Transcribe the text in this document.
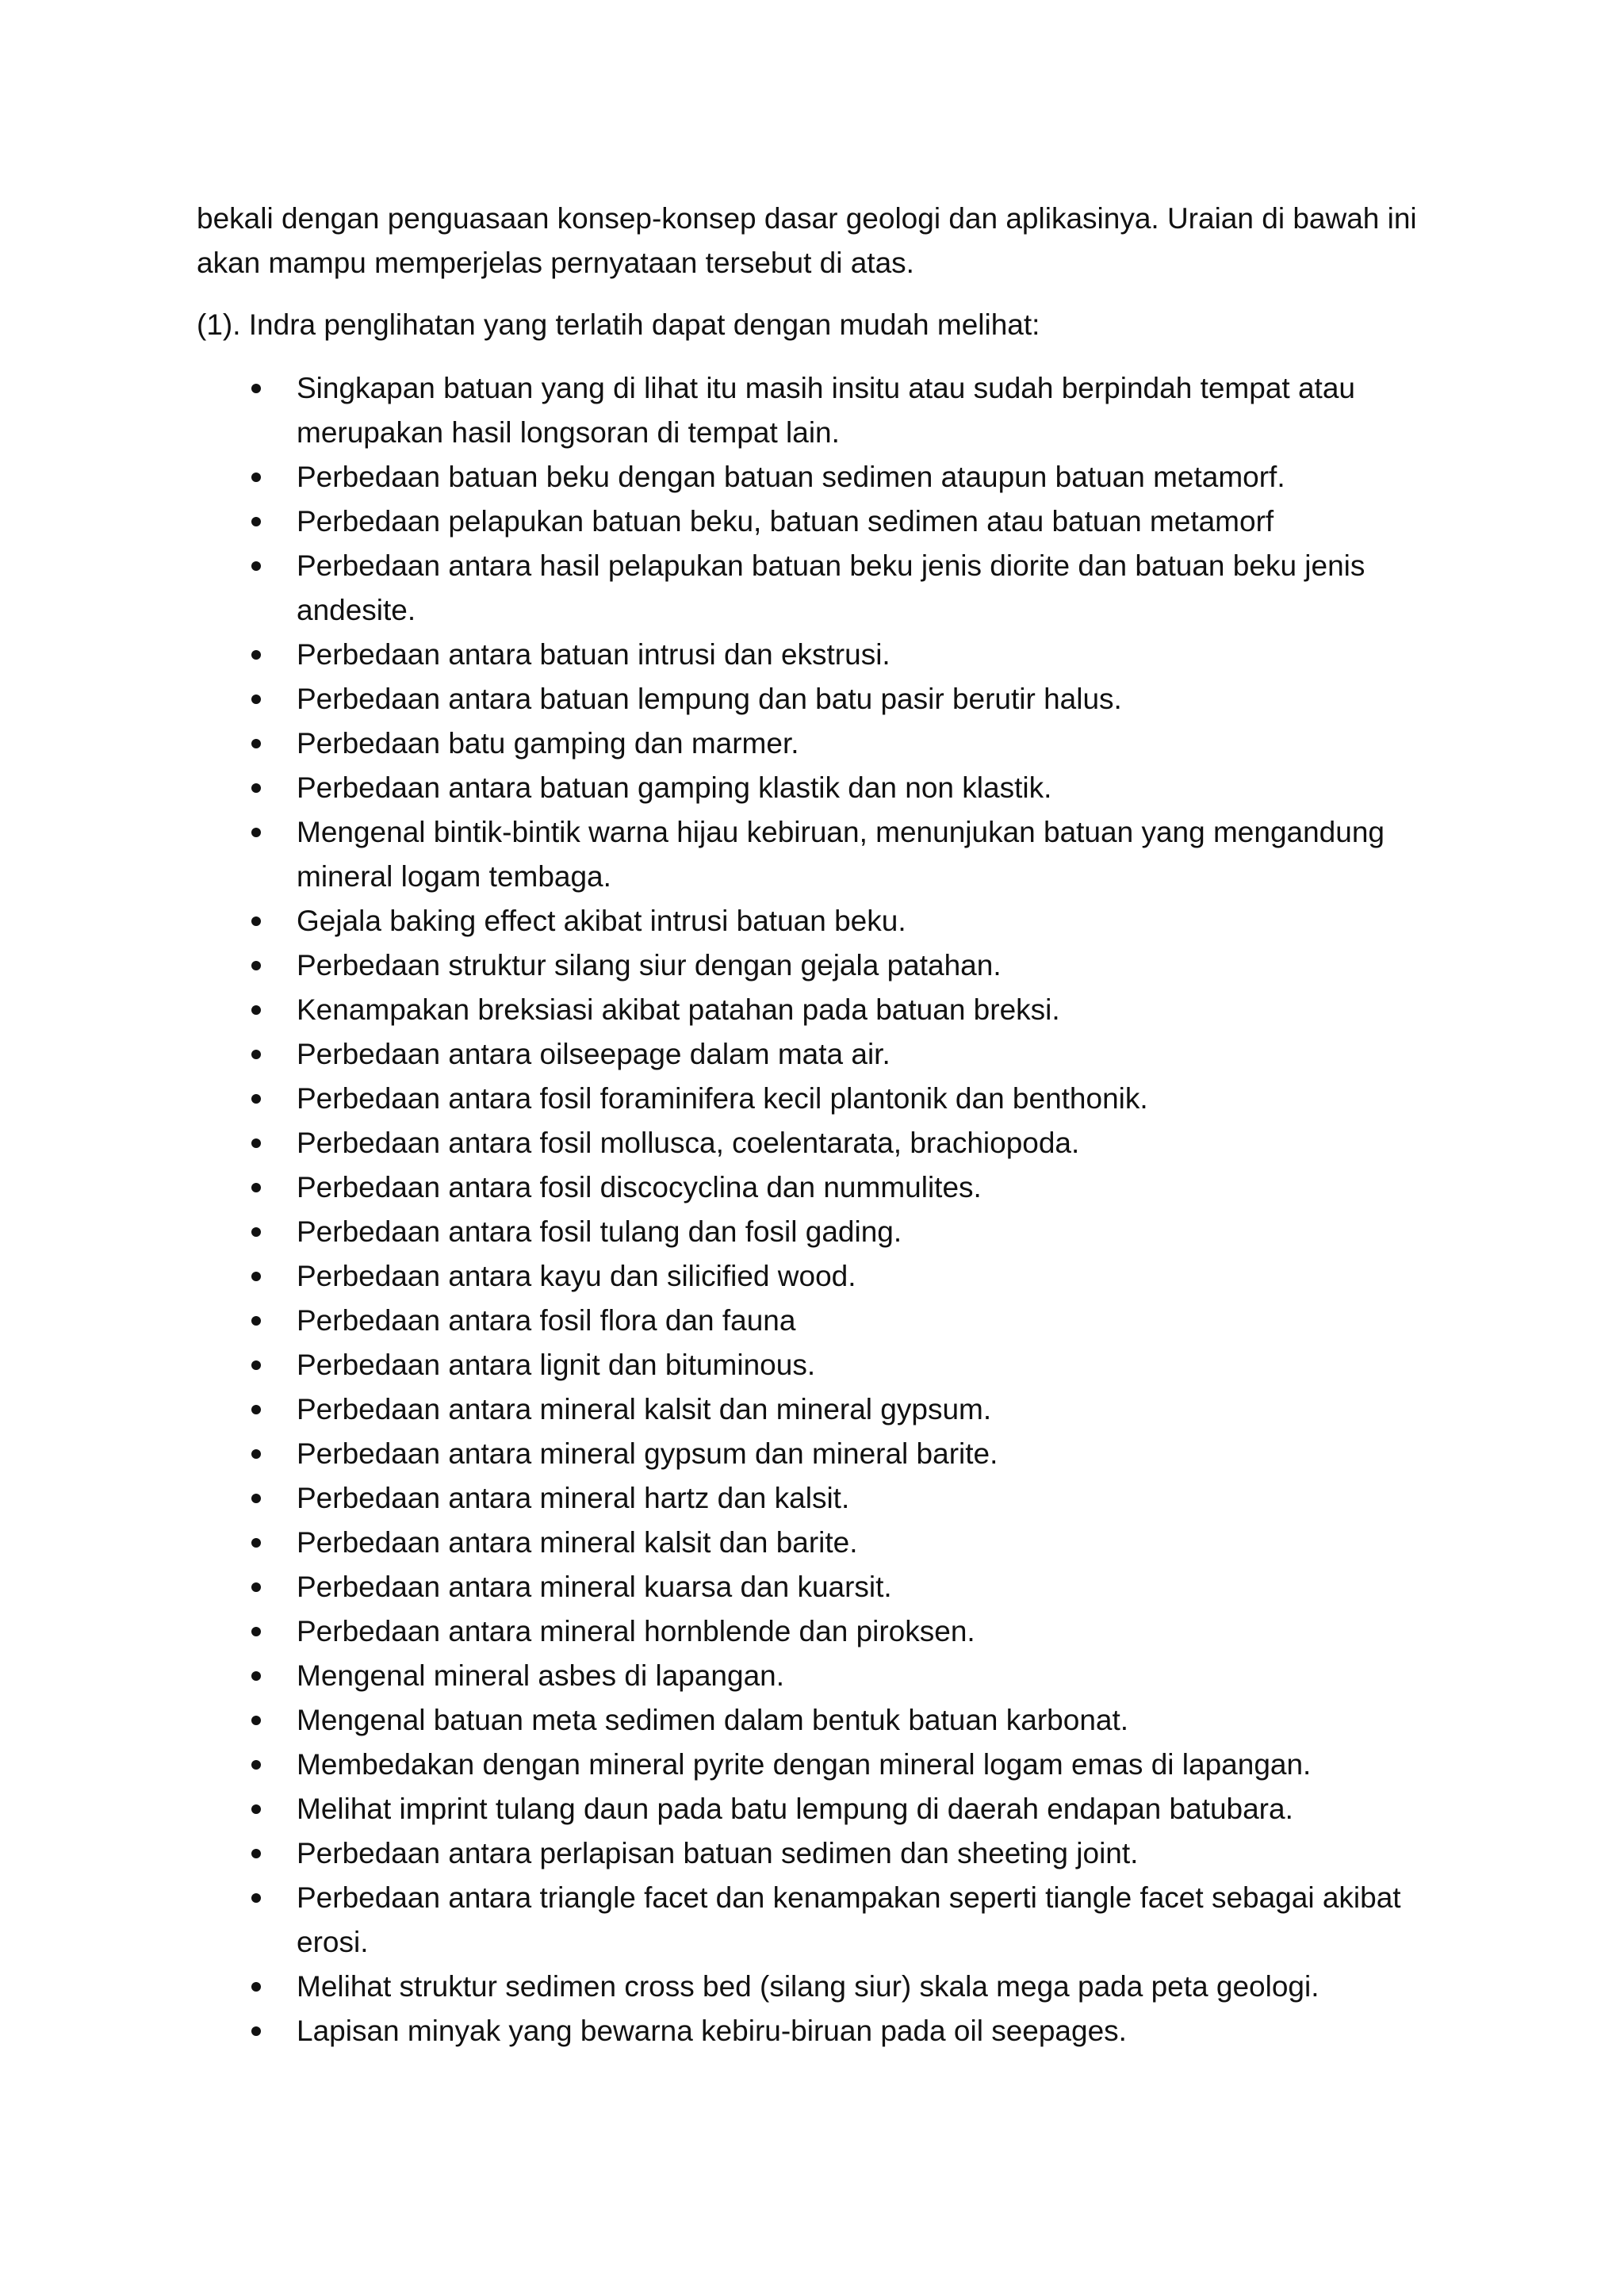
bekali dengan penguasaan konsep-konsep dasar geologi dan aplikasinya. Uraian di bawah ini akan mampu memperjelas pernyataan tersebut di atas.

(1). Indra penglihatan yang terlatih dapat dengan mudah melihat:

Singkapan batuan yang di lihat itu masih insitu atau sudah berpindah tempat atau merupakan hasil longsoran di tempat lain.
Perbedaan batuan beku dengan batuan sedimen ataupun batuan metamorf.
Perbedaan pelapukan batuan beku, batuan sedimen atau batuan metamorf
Perbedaan antara hasil pelapukan batuan beku jenis diorite dan batuan beku jenis andesite.
Perbedaan antara batuan intrusi dan ekstrusi.
Perbedaan antara batuan lempung dan batu pasir berutir halus.
Perbedaan batu gamping dan marmer.
Perbedaan antara batuan gamping klastik dan non klastik.
Mengenal bintik-bintik warna hijau kebiruan, menunjukan batuan yang mengandung mineral logam tembaga.
Gejala baking effect akibat intrusi batuan beku.
Perbedaan struktur silang siur dengan gejala patahan.
Kenampakan breksiasi akibat patahan pada batuan breksi.
Perbedaan antara oilseepage dalam mata air.
Perbedaan antara fosil foraminifera kecil plantonik dan benthonik.
Perbedaan antara fosil mollusca, coelentarata, brachiopoda.
Perbedaan antara fosil discocyclina dan nummulites.
Perbedaan antara fosil tulang dan fosil gading.
Perbedaan antara kayu dan silicified wood.
Perbedaan antara fosil flora dan fauna
Perbedaan antara lignit dan bituminous.
Perbedaan antara mineral kalsit dan mineral gypsum.
Perbedaan antara mineral gypsum dan mineral barite.
Perbedaan antara mineral hartz dan kalsit.
Perbedaan antara mineral kalsit dan barite.
Perbedaan antara mineral kuarsa dan kuarsit.
Perbedaan antara mineral hornblende dan piroksen.
Mengenal mineral asbes di lapangan.
Mengenal batuan meta sedimen dalam bentuk batuan karbonat.
Membedakan dengan mineral pyrite dengan mineral logam emas di lapangan.
Melihat imprint tulang daun pada batu lempung di daerah endapan batubara.
Perbedaan antara perlapisan batuan sedimen dan sheeting joint.
Perbedaan antara triangle facet dan kenampakan seperti tiangle facet sebagai akibat erosi.
Melihat struktur sedimen cross bed (silang siur) skala mega pada peta geologi.
Lapisan minyak yang bewarna kebiru-biruan pada oil seepages.
